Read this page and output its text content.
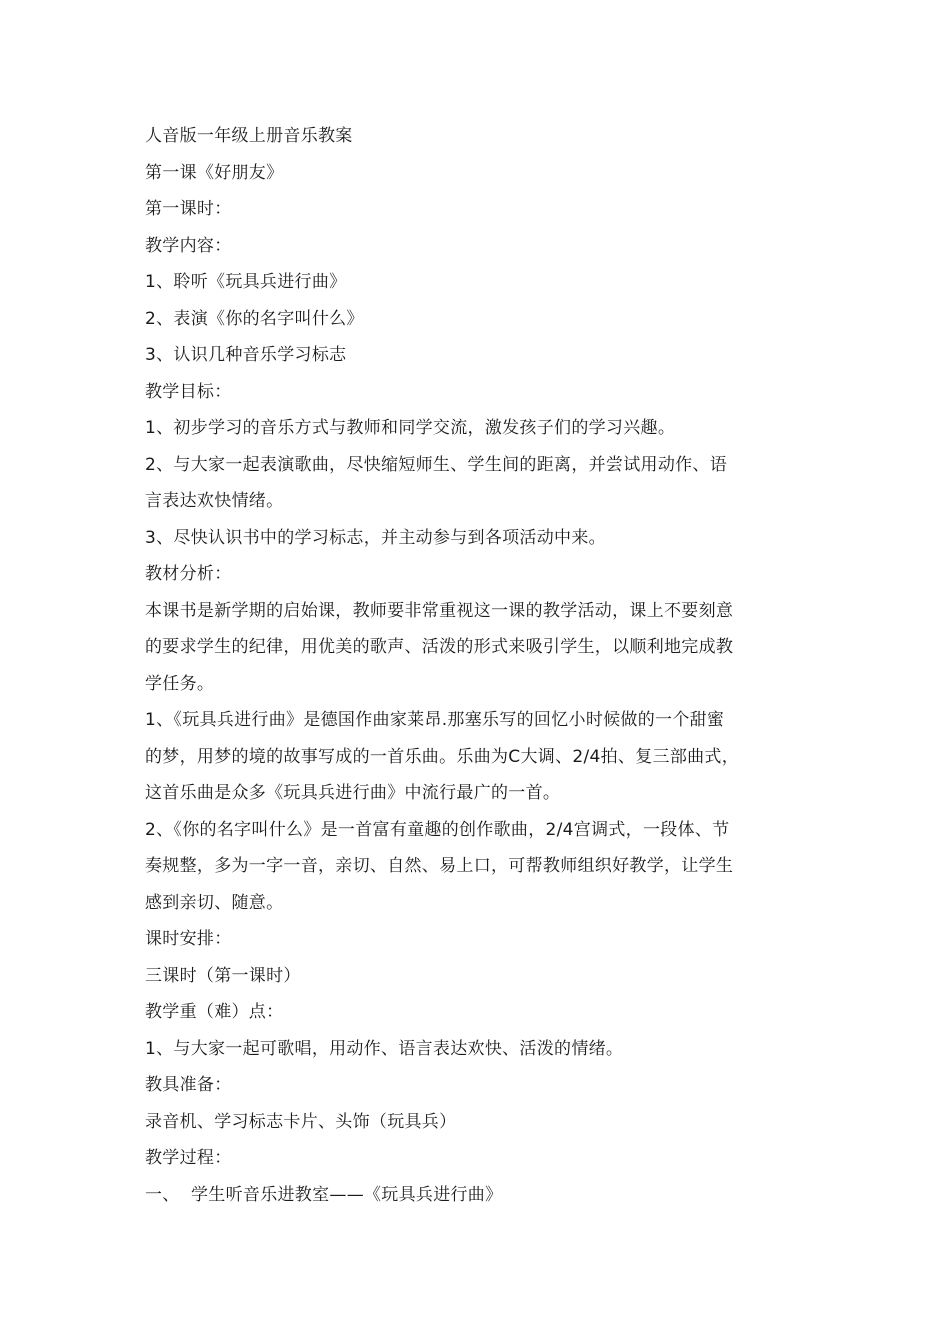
人音版一年级上册音乐教案
第一课《好朋友》
第一课时：
教学内容：
1、聆听《玩具兵进行曲》
2、表演《你的名字叫什么》
3、认识几种音乐学习标志
教学目标：
1、初步学习的音乐方式与教师和同学交流，激发孩子们的学习兴趣。
2、与大家一起表演歌曲，尽快缩短师生、学生间的距离，并尝试用动作、语
言表达欢快情绪。
3、尽快认识书中的学习标志，并主动参与到各项活动中来。
教材分析：
本课书是新学期的启始课，教师要非常重视这一课的教学活动，课上不要刻意
的要求学生的纪律，用优美的歌声、活泼的形式来吸引学生，以顺利地完成教
学任务。
1、《玩具兵进行曲》是德国作曲家莱昂.那塞乐写的回忆小时候做的一个甜蜜
的梦，用梦的境的故事写成的一首乐曲。乐曲为C大调、2/4拍、复三部曲式，
这首乐曲是众多《玩具兵进行曲》中流行最广的一首。
2、《你的名字叫什么》是一首富有童趣的创作歌曲，2/4宫调式，一段体、节
奏规整，多为一字一音，亲切、自然、易上口，可帮教师组织好教学，让学生
感到亲切、随意。
课时安排：
三课时（第一课时）
教学重（难）点：
1、与大家一起可歌唱，用动作、语言表达欢快、活泼的情绪。
教具准备：
录音机、学习标志卡片、头饰（玩具兵）
教学过程：
一、  学生听音乐进教室——《玩具兵进行曲》
